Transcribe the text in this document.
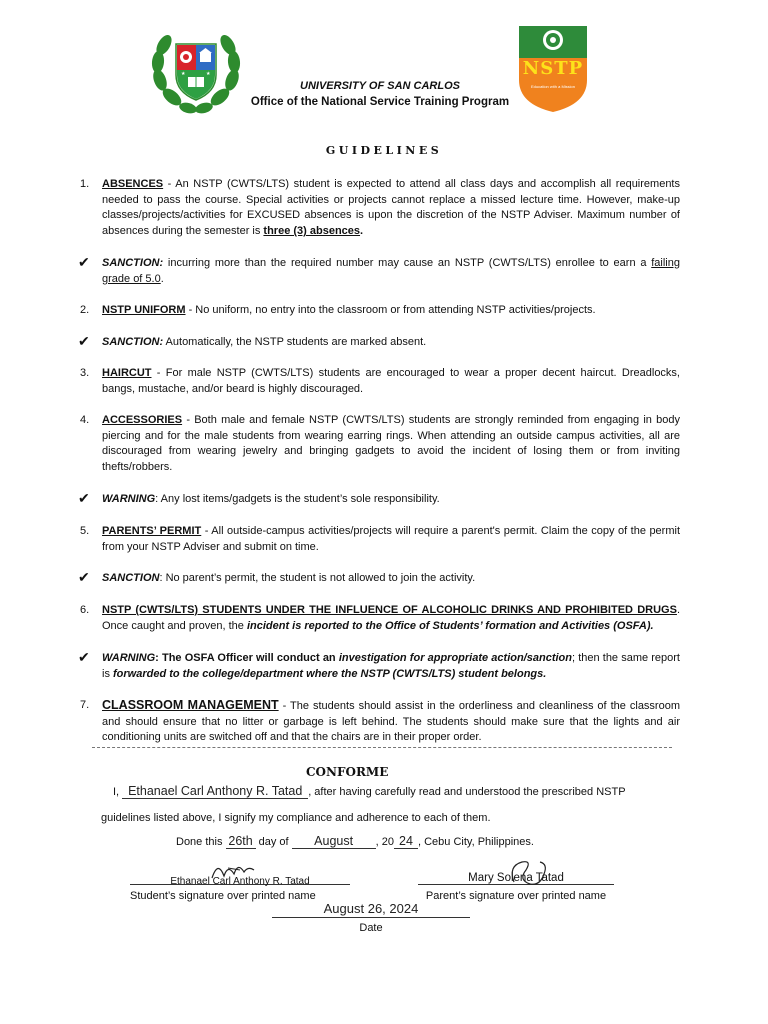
★	★	NSTP
Education with a Mission
UNIVERSITY OF SAN CARLOS
Office of the National Service Training Program
GUIDELINES
1.	ABSENCES - An NSTP (CWTS/LTS) student is expected to attend all class days and accomplish all requirements needed to pass the course. Special activities or projects cannot replace a missed lecture time. However, make-up classes/projects/activities for EXCUSED absences is upon the discretion of the NSTP Adviser. Maximum number of absences during the semester is three (3) absences.
✔	SANCTION: incurring more than the required number may cause an NSTP (CWTS/LTS) enrollee to earn a failing grade of 5.0.
2.	NSTP UNIFORM - No uniform, no entry into the classroom or from attending NSTP activities/projects.
✔	SANCTION: Automatically, the NSTP students are marked absent.
3.	HAIRCUT - For male NSTP (CWTS/LTS) students are encouraged to wear a proper decent haircut. Dreadlocks, bangs, mustache, and/or beard is highly discouraged.
4.	ACCESSORIES - Both male and female NSTP (CWTS/LTS) students are strongly reminded from engaging in body piercing and for the male students from wearing earring rings. When attending an outside campus activities, all are discouraged from wearing jewelry and bringing gadgets to avoid the incident of losing them or from inviting thefts/robbers.
✔	WARNING: Any lost items/gadgets is the student’s sole responsibility.
5.	PARENTS’ PERMIT - All outside-campus activities/projects will require a parent's permit. Claim the copy of the permit from your NSTP Adviser and submit on time.
✔	SANCTION: No parent’s permit, the student is not allowed to join the activity.
6.	NSTP (CWTS/LTS) STUDENTS UNDER THE INFLUENCE OF ALCOHOLIC DRINKS AND PROHIBITED DRUGS. Once caught and proven, the incident is reported to the Office of Students’ formation and Activities (OSFA).
✔	WARNING: The OSFA Officer will conduct an investigation for appropriate action/sanction; then the same report is forwarded to the college/department where the NSTP (CWTS/LTS) student belongs.
7.	CLASSROOM MANAGEMENT - The students should assist in the orderliness and cleanliness of the classroom and should ensure that no litter or garbage is left behind. The students should make sure that the lights and air conditioning units are switched off and that the chairs are in their proper order.
CONFORME
I, Ethanael Carl Anthony R. Tatad , after having carefully read and understood the prescribed NSTP
guidelines listed above, I signify my compliance and adherence to each of them.
Done this 26th day of August , 20 24 , Cebu City, Philippines.
$_{Ethanael Carl Anthony R. Tatad}$
Student’s signature over printed name
$_{Mary Solena Tatad}$
Parent’s signature over printed name
August 26, 2024
Date
